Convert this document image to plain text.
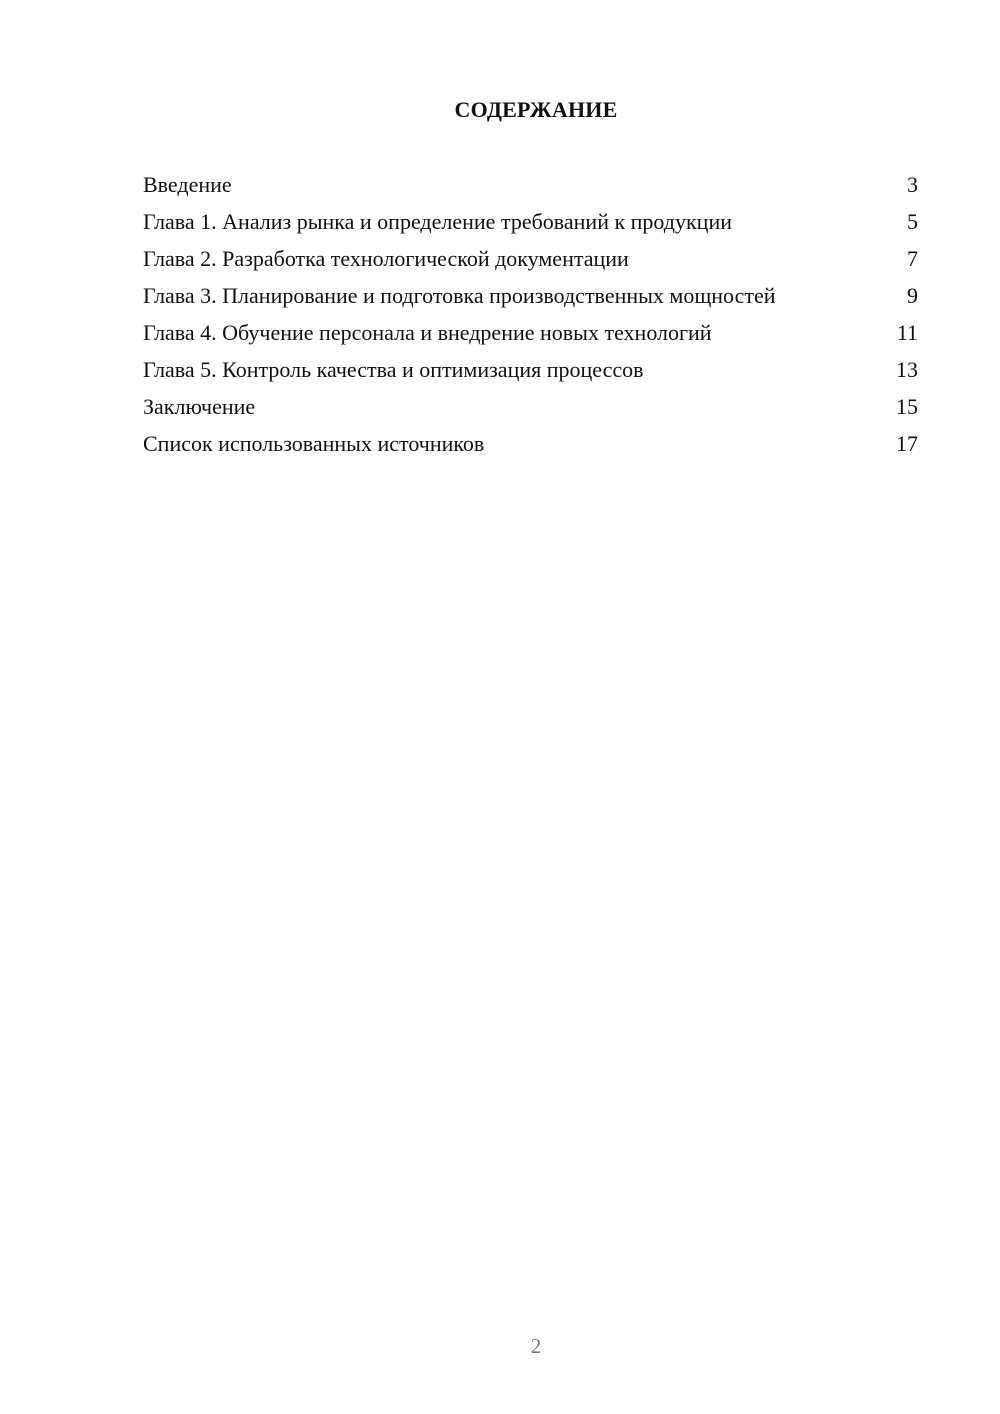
СОДЕРЖАНИЕ
Введение	3
Глава 1. Анализ рынка и определение требований к продукции	5
Глава 2. Разработка технологической документации	7
Глава 3. Планирование и подготовка производственных мощностей	9
Глава 4. Обучение персонала и внедрение новых технологий	11
Глава 5. Контроль качества и оптимизация процессов	13
Заключение	15
Список использованных источников	17
2
